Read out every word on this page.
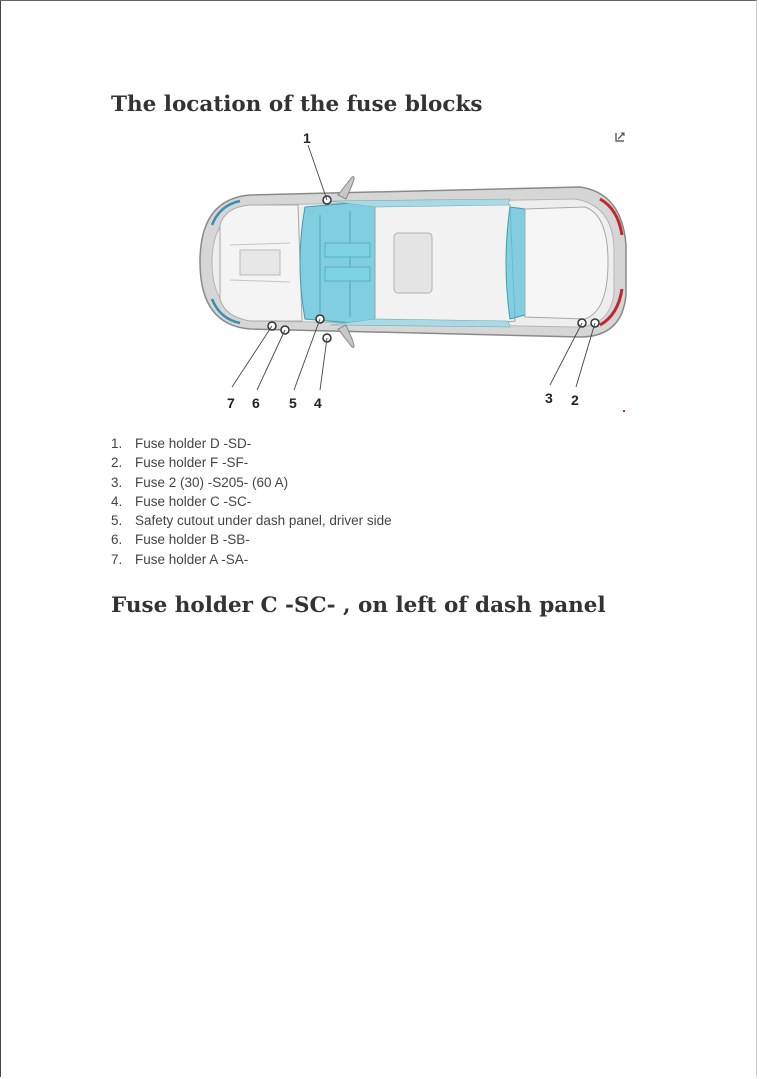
The location of the fuse blocks
1
7 6 5 4	3 2
1. Fuse holder D -SD-
2. Fuse holder F -SF-
3. Fuse 2 (30) -S205- (60 A)
4. Fuse holder C -SC-
5. Safety cutout under dash panel, driver side
6. Fuse holder B -SB-
7. Fuse holder A -SA-
Fuse holder C -SC- , on left of dash panel
